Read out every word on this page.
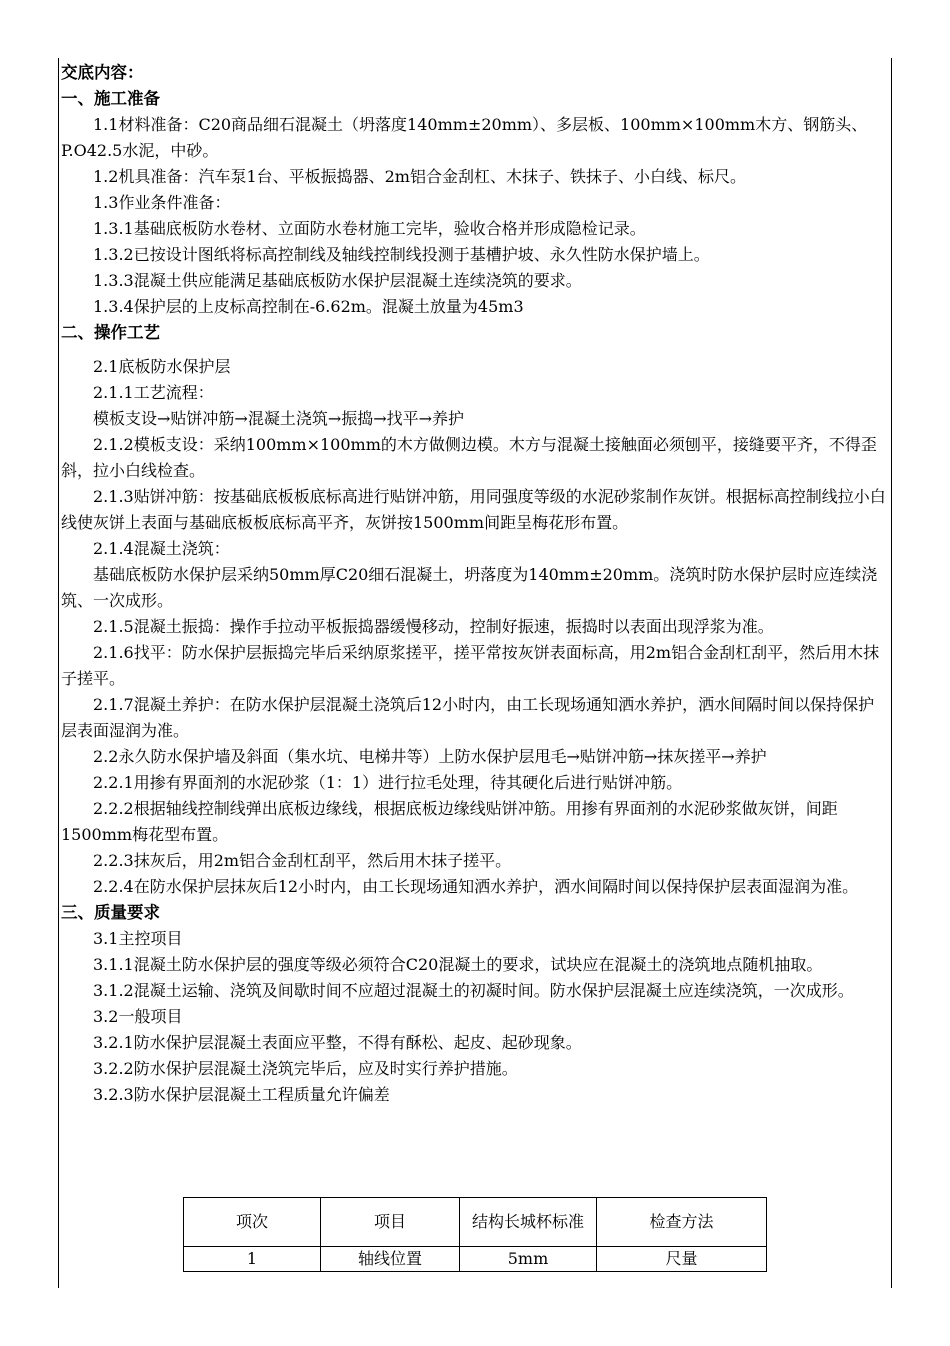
交底内容：
一、施工准备
1.1材料准备：C20商品细石混凝土（坍落度140mm±20mm）、多层板、100mm×100mm木方、钢筋头、P.O42.5水泥，中砂。
1.2机具准备：汽车泵1台、平板振捣器、2m铝合金刮杠、木抹子、铁抹子、小白线、标尺。
1.3作业条件准备：
1.3.1基础底板防水卷材、立面防水卷材施工完毕，验收合格并形成隐检记录。
1.3.2已按设计图纸将标高控制线及轴线控制线投测于基槽护坡、永久性防水保护墙上。
1.3.3混凝土供应能满足基础底板防水保护层混凝土连续浇筑的要求。
1.3.4保护层的上皮标高控制在-6.62m。混凝土放量为45m3
二、操作工艺
2.1底板防水保护层
2.1.1工艺流程：
模板支设→贴饼冲筋→混凝土浇筑→振捣→找平→养护
2.1.2模板支设：采纳100mm×100mm的木方做侧边模。木方与混凝土接触面必须刨平，接缝要平齐，不得歪斜，拉小白线检查。
2.1.3贴饼冲筋：按基础底板板底标高进行贴饼冲筋，用同强度等级的水泥砂浆制作灰饼。根据标高控制线拉小白线使灰饼上表面与基础底板板底标高平齐，灰饼按1500mm间距呈梅花形布置。
2.1.4混凝土浇筑：
基础底板防水保护层采纳50mm厚C20细石混凝土，坍落度为140mm±20mm。浇筑时防水保护层时应连续浇筑、一次成形。
2.1.5混凝土振捣：操作手拉动平板振捣器缓慢移动，控制好振速，振捣时以表面出现浮浆为准。
2.1.6找平：防水保护层振捣完毕后采纳原浆搓平，搓平常按灰饼表面标高，用2m铝合金刮杠刮平，然后用木抹子搓平。
2.1.7混凝土养护：在防水保护层混凝土浇筑后12小时内，由工长现场通知洒水养护，洒水间隔时间以保持保护层表面湿润为准。
2.2永久防水保护墙及斜面（集水坑、电梯井等）上防水保护层甩毛→贴饼冲筋→抹灰搓平→养护
2.2.1用掺有界面剂的水泥砂浆（1：1）进行拉毛处理，待其硬化后进行贴饼冲筋。
2.2.2根据轴线控制线弹出底板边缘线，根据底板边缘线贴饼冲筋。用掺有界面剂的水泥砂浆做灰饼，间距1500mm梅花型布置。
2.2.3抹灰后，用2m铝合金刮杠刮平，然后用木抹子搓平。
2.2.4在防水保护层抹灰后12小时内，由工长现场通知洒水养护，洒水间隔时间以保持保护层表面湿润为准。
三、质量要求
3.1主控项目
3.1.1混凝土防水保护层的强度等级必须符合C20混凝土的要求，试块应在混凝土的浇筑地点随机抽取。
3.1.2混凝土运输、浇筑及间歇时间不应超过混凝土的初凝时间。防水保护层混凝土应连续浇筑，一次成形。
3.2一般项目
3.2.1防水保护层混凝土表面应平整，不得有酥松、起皮、起砂现象。
3.2.2防水保护层混凝土浇筑完毕后，应及时实行养护措施。
3.2.3防水保护层混凝土工程质量允许偏差
项次	项目	结构长城杯标准	检查方法
1	轴线位置	5mm	尺量
